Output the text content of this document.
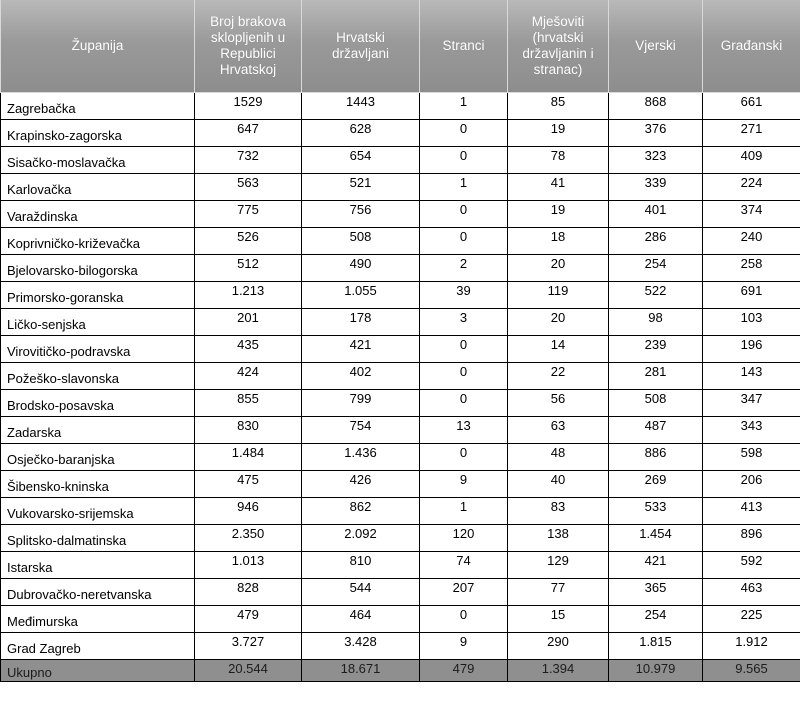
Županija	Broj brakova sklopljenih u Republici Hrvatskoj	Hrvatski državljani	Stranci	Mješoviti (hrvatski državljanin i stranac)	Vjerski	Građanski
Zagrebačka	1529	1443	1	85	868	661
Krapinsko-zagorska	647	628	0	19	376	271
Sisačko-moslavačka	732	654	0	78	323	409
Karlovačka	563	521	1	41	339	224
Varaždinska	775	756	0	19	401	374
Koprivničko-križevačka	526	508	0	18	286	240
Bjelovarsko-bilogorska	512	490	2	20	254	258
Primorsko-goranska	1.213	1.055	39	119	522	691
Ličko-senjska	201	178	3	20	98	103
Virovitičko-podravska	435	421	0	14	239	196
Požeško-slavonska	424	402	0	22	281	143
Brodsko-posavska	855	799	0	56	508	347
Zadarska	830	754	13	63	487	343
Osječko-baranjska	1.484	1.436	0	48	886	598
Šibensko-kninska	475	426	9	40	269	206
Vukovarsko-srijemska	946	862	1	83	533	413
Splitsko-dalmatinska	2.350	2.092	120	138	1.454	896
Istarska	1.013	810	74	129	421	592
Dubrovačko-neretvanska	828	544	207	77	365	463
Međimurska	479	464	0	15	254	225
Grad Zagreb	3.727	3.428	9	290	1.815	1.912
Ukupno	20.544	18.671	479	1.394	10.979	9.565
